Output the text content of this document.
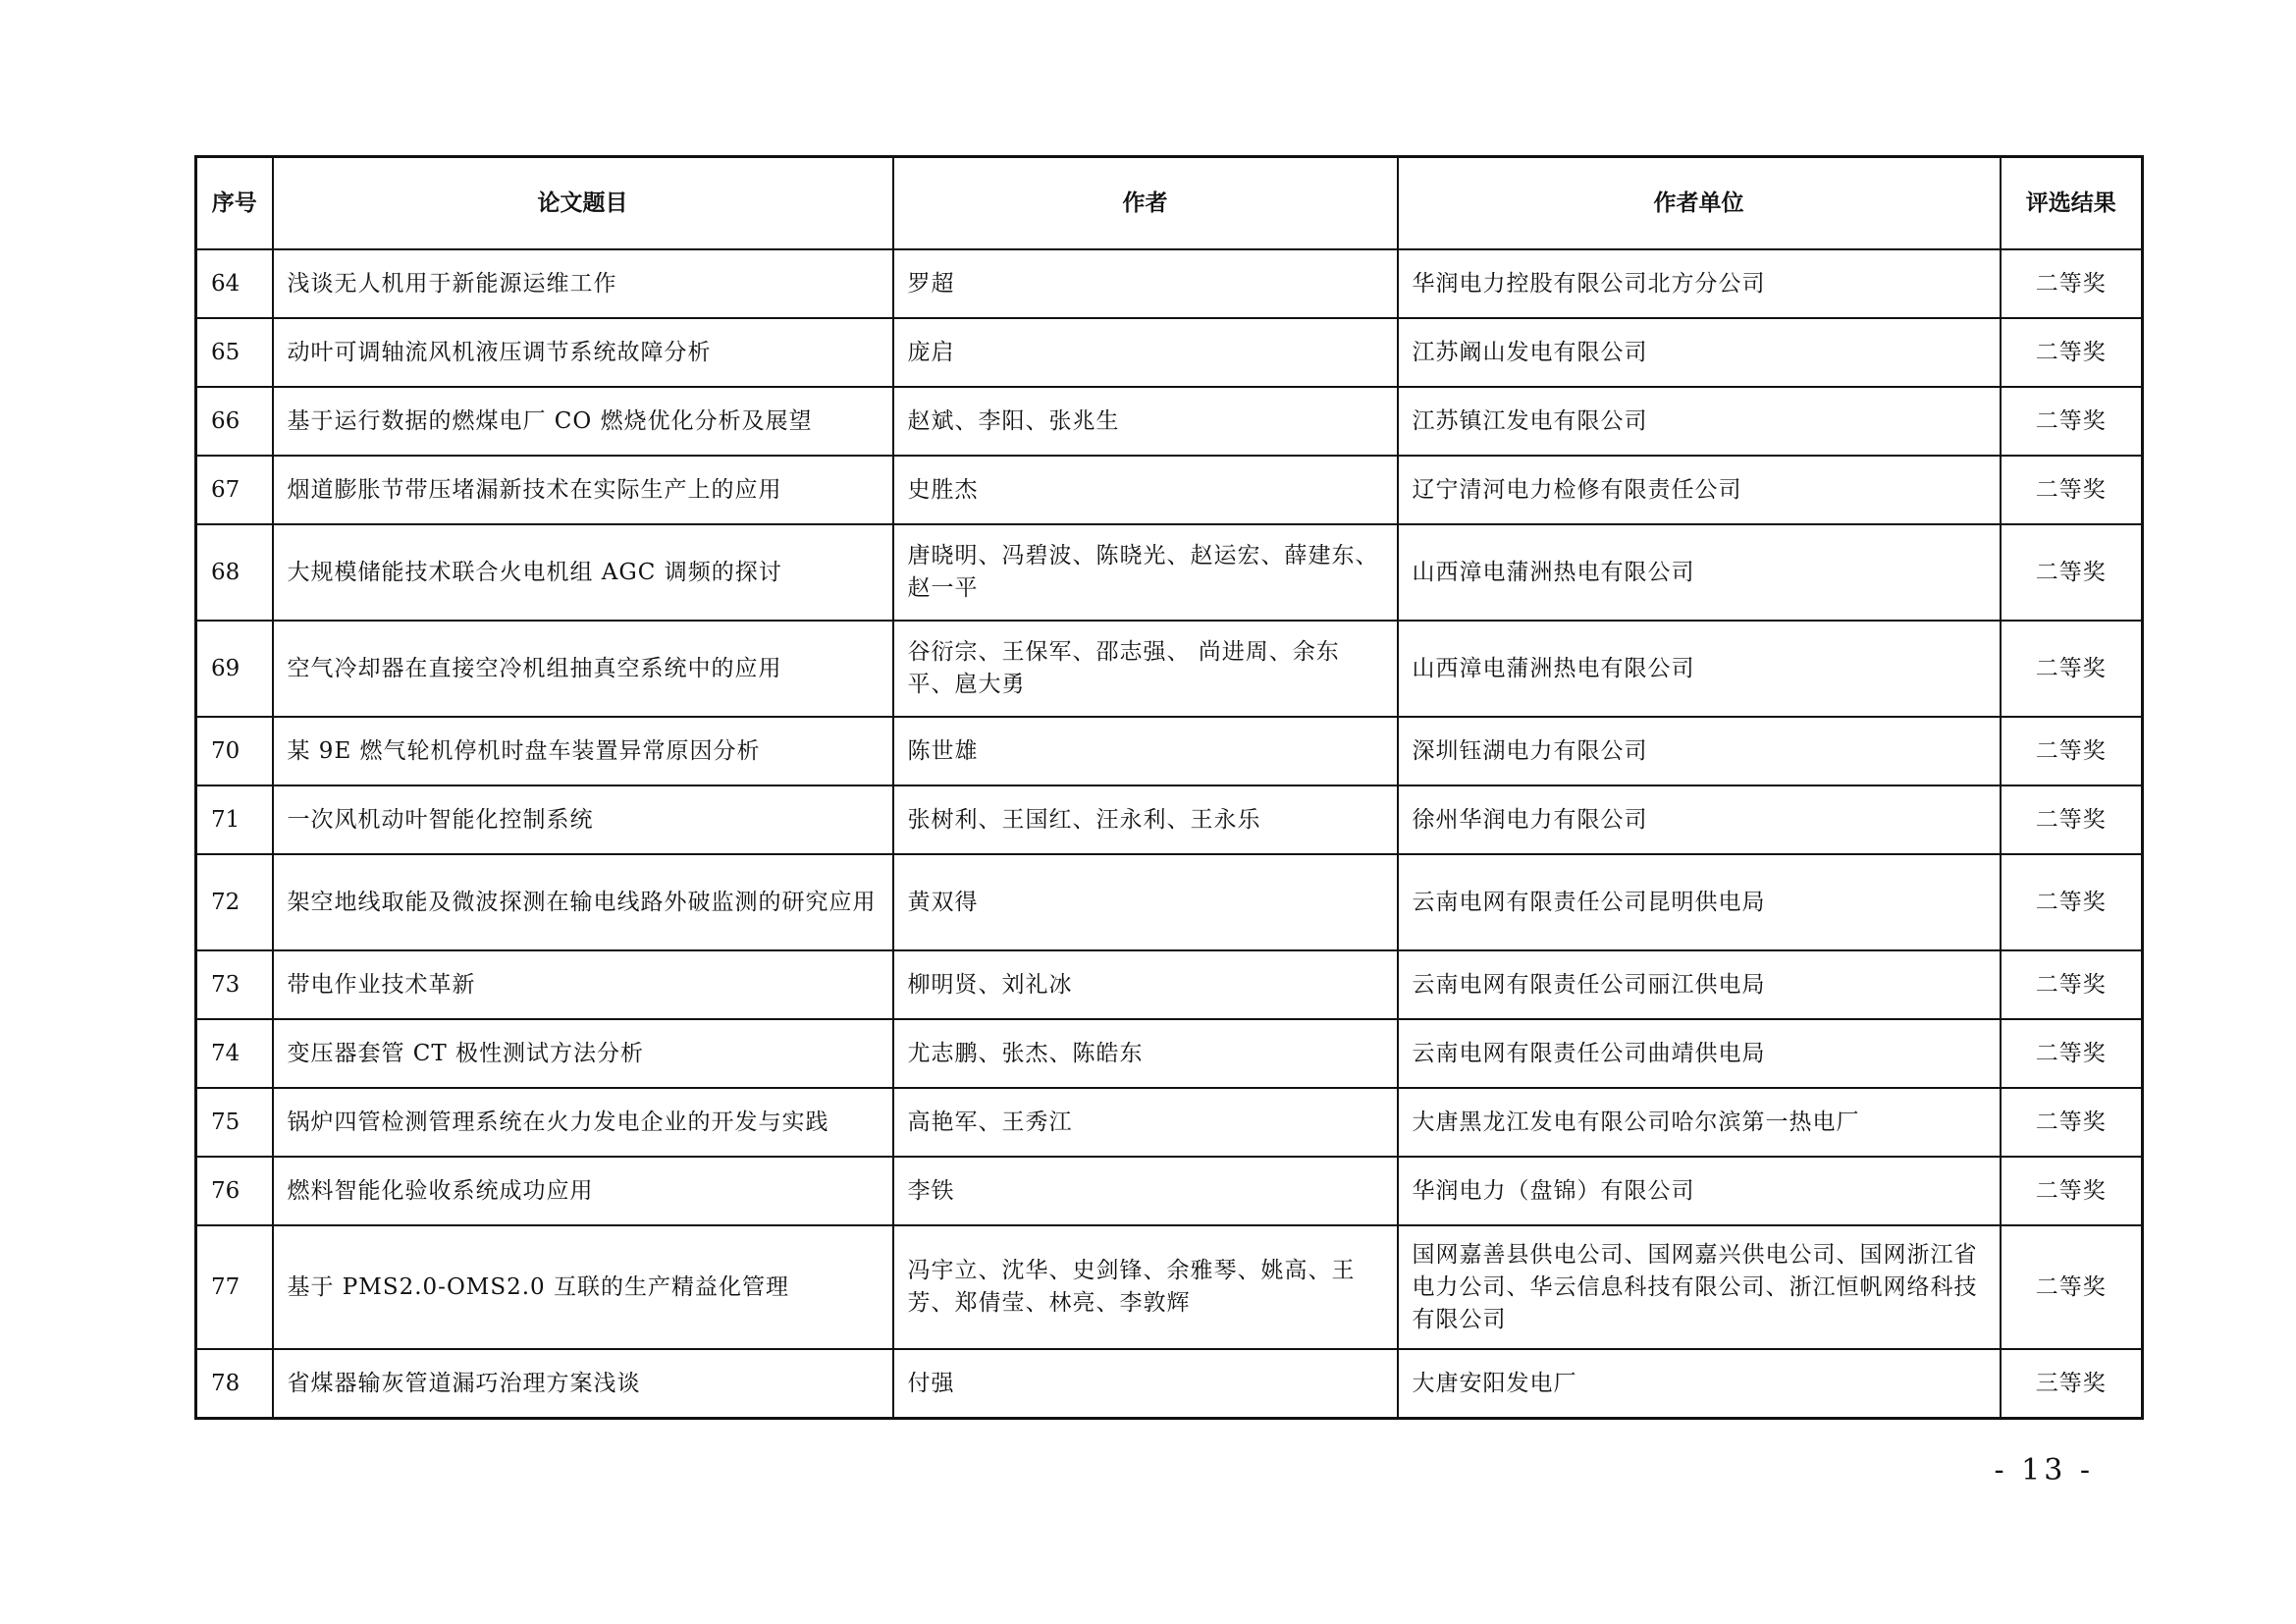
序号	论文题目	作者	作者单位	评选结果
64	浅谈无人机用于新能源运维工作	罗超	华润电力控股有限公司北方分公司	二等奖
65	动叶可调轴流风机液压调节系统故障分析	庞启	江苏阚山发电有限公司	二等奖
66	基于运行数据的燃煤电厂 CO 燃烧优化分析及展望	赵斌、李阳、张兆生	江苏镇江发电有限公司	二等奖
67	烟道膨胀节带压堵漏新技术在实际生产上的应用	史胜杰	辽宁清河电力检修有限责任公司	二等奖
68	大规模储能技术联合火电机组 AGC 调频的探讨	唐晓明、冯碧波、陈晓光、赵运宏、薛建东、赵一平	山西漳电蒲洲热电有限公司	二等奖
69	空气冷却器在直接空冷机组抽真空系统中的应用	谷衍宗、王保军、邵志强、 尚进周、余东平、扈大勇	山西漳电蒲洲热电有限公司	二等奖
70	某 9E 燃气轮机停机时盘车装置异常原因分析	陈世雄	深圳钰湖电力有限公司	二等奖
71	一次风机动叶智能化控制系统	张树利、王国红、汪永利、王永乐	徐州华润电力有限公司	二等奖
72	架空地线取能及微波探测在输电线路外破监测的研究应用	黄双得	云南电网有限责任公司昆明供电局	二等奖
73	带电作业技术革新	柳明贤、刘礼冰	云南电网有限责任公司丽江供电局	二等奖
74	变压器套管 CT 极性测试方法分析	尤志鹏、张杰、陈皓东	云南电网有限责任公司曲靖供电局	二等奖
75	锅炉四管检测管理系统在火力发电企业的开发与实践	高艳军、王秀江	大唐黑龙江发电有限公司哈尔滨第一热电厂	二等奖
76	燃料智能化验收系统成功应用	李铁	华润电力（盘锦）有限公司	二等奖
77	基于 PMS2.0-OMS2.0 互联的生产精益化管理	冯宇立、沈华、史剑锋、余雅琴、姚高、王芳、郑倩莹、林亮、李敦辉	国网嘉善县供电公司、国网嘉兴供电公司、国网浙江省电力公司、华云信息科技有限公司、浙江恒帆网络科技有限公司	二等奖
78	省煤器输灰管道漏巧治理方案浅谈	付强	大唐安阳发电厂	三等奖
- 13 -
